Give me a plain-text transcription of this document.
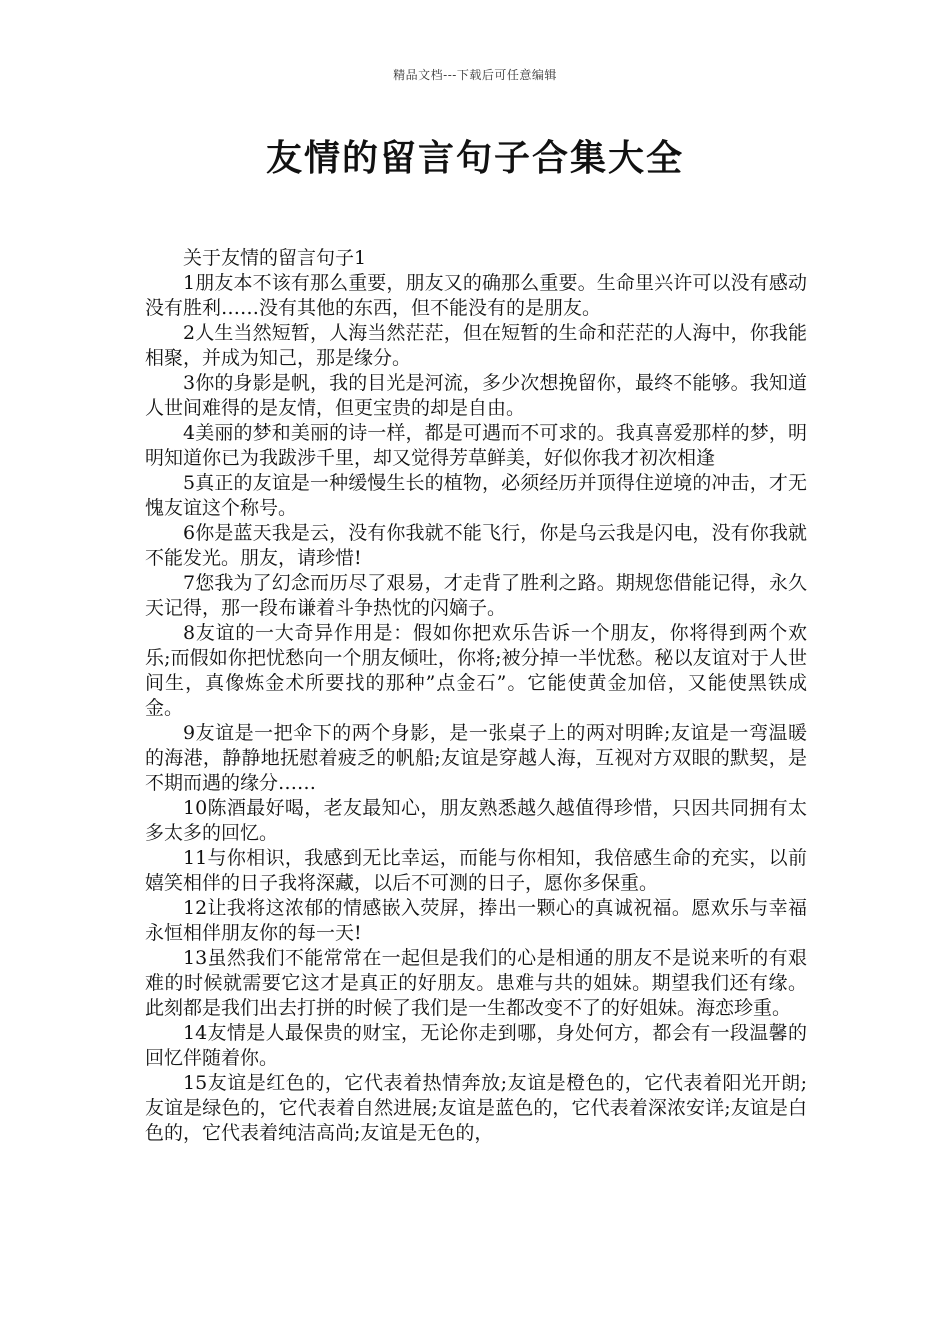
精品文档---下载后可任意编辑
友情的留言句子合集大全

关于友情的留言句子1

1朋友本不该有那么重要，朋友又的确那么重要。生命里兴许可以没有感动没有胜利……没有其他的东西，但不能没有的是朋友。

2人生当然短暂，人海当然茫茫，但在短暂的生命和茫茫的人海中，你我能相聚，并成为知己，那是缘分。

3你的身影是帆，我的目光是河流，多少次想挽留你，最终不能够。我知道人世间难得的是友情，但更宝贵的却是自由。

4美丽的梦和美丽的诗一样，都是可遇而不可求的。我真喜爱那样的梦，明明知道你已为我跋涉千里，却又觉得芳草鲜美，好似你我才初次相逢

5真正的友谊是一种缓慢生长的植物，必须经历并顶得住逆境的冲击，才无愧友谊这个称号。

6你是蓝天我是云，没有你我就不能飞行，你是乌云我是闪电，没有你我就不能发光。朋友，请珍惜!

7您我为了幻念而历尽了艰易，才走背了胜利之路。期规您借能记得，永久天记得，那一段布谦着斗争热忱的闪嫡子。

8友谊的一大奇异作用是：假如你把欢乐告诉一个朋友，你将得到两个欢乐;而假如你把忧愁向一个朋友倾吐，你将;被分掉一半忧愁。秘以友谊对于人世间生，真像炼金术所要找的那种”点金石”。它能使黄金加倍，又能使黑铁成金。

9友谊是一把伞下的两个身影，是一张桌子上的两对明眸;友谊是一弯温暖的海港，静静地抚慰着疲乏的帆船;友谊是穿越人海，互视对方双眼的默契，是不期而遇的缘分……

10陈酒最好喝，老友最知心，朋友熟悉越久越值得珍惜，只因共同拥有太多太多的回忆。

11与你相识，我感到无比幸运，而能与你相知，我倍感生命的充实，以前嬉笑相伴的日子我将深藏，以后不可测的日子，愿你多保重。

12让我将这浓郁的情感嵌入荧屏，捧出一颗心的真诚祝福。愿欢乐与幸福永恒相伴朋友你的每一天!

13虽然我们不能常常在一起但是我们的心是相通的朋友不是说来听的有艰难的时候就需要它这才是真正的好朋友。患难与共的姐妹。期望我们还有缘。此刻都是我们出去打拼的时候了我们是一生都改变不了的好姐妹。海恋珍重。

14友情是人最保贵的财宝，无论你走到哪，身处何方，都会有一段温馨的回忆伴随着你。

15友谊是红色的，它代表着热情奔放;友谊是橙色的，它代表着阳光开朗;友谊是绿色的，它代表着自然进展;友谊是蓝色的，它代表着深浓安详;友谊是白色的，它代表着纯洁高尚;友谊是无色的，
